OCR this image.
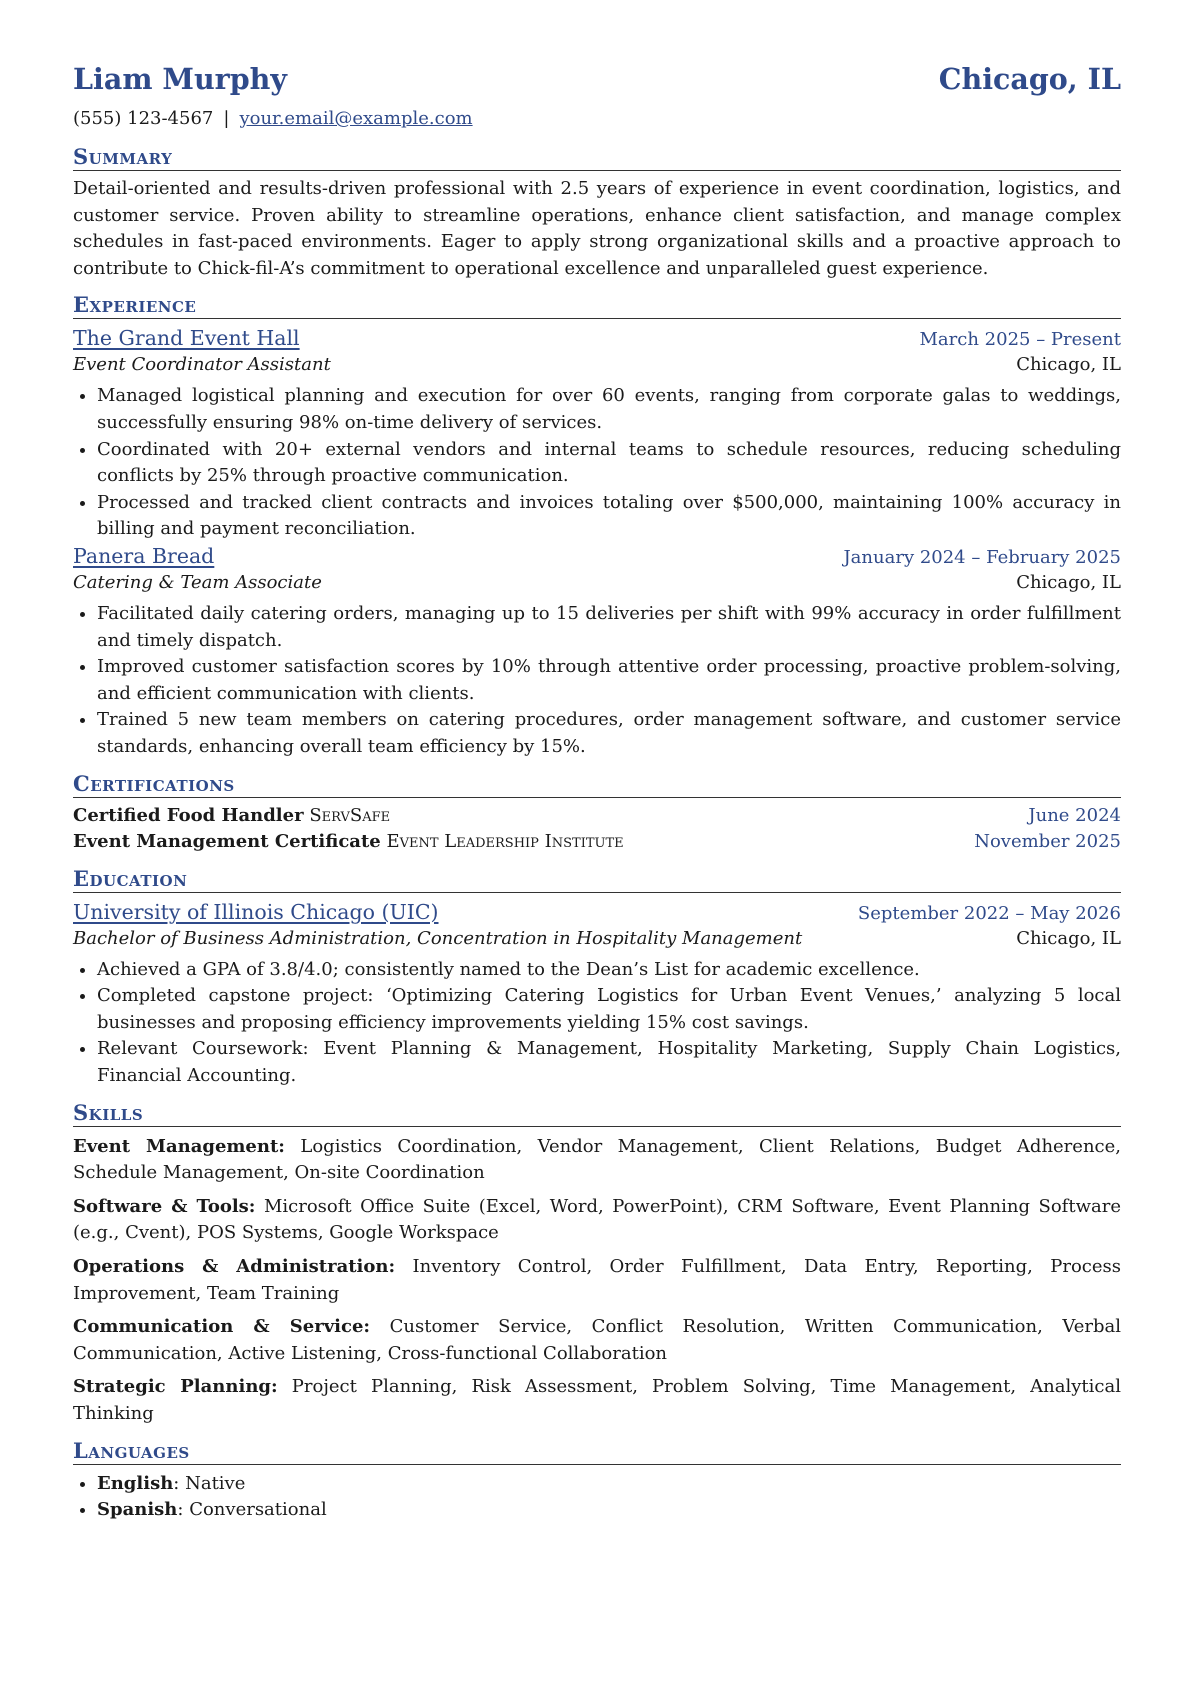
Liam Murphy	Chicago, IL
(555) 123-4567 | your.email@example.com
Summary
Detail-oriented and results-driven professional with 2.5 years of experience in event coordination, logistics, and customer service. Proven ability to streamline operations, enhance client satisfaction, and manage complex schedules in fast-paced environments. Eager to apply strong organizational skills and a proactive approach to contribute to Chick-fil-A’s commitment to operational excellence and unparalleled guest experience.
Experience
The Grand Event Hall	March 2025 – Present
Event Coordinator Assistant	Chicago, IL
• Managed logistical planning and execution for over 60 events, ranging from corporate galas to weddings, successfully ensuring 98% on-time delivery of services.
• Coordinated with 20+ external vendors and internal teams to schedule resources, reducing scheduling conflicts by 25% through proactive communication.
• Processed and tracked client contracts and invoices totaling over $500,000, maintaining 100% accuracy in billing and payment reconciliation.
Panera Bread	January 2024 – February 2025
Catering & Team Associate	Chicago, IL
• Facilitated daily catering orders, managing up to 15 deliveries per shift with 99% accuracy in order fulfillment and timely dispatch.
• Improved customer satisfaction scores by 10% through attentive order processing, proactive problem-solving, and efficient communication with clients.
• Trained 5 new team members on catering procedures, order management software, and customer service standards, enhancing overall team efficiency by 15%.
Certifications
Certified Food Handler ServSafe	June 2024
Event Management Certificate Event Leadership Institute	November 2025
Education
University of Illinois Chicago (UIC)	September 2022 – May 2026
Bachelor of Business Administration, Concentration in Hospitality Management	Chicago, IL
• Achieved a GPA of 3.8/4.0; consistently named to the Dean’s List for academic excellence.
• Completed capstone project: ‘Optimizing Catering Logistics for Urban Event Venues,’ analyzing 5 local businesses and proposing efficiency improvements yielding 15% cost savings.
• Relevant Coursework: Event Planning & Management, Hospitality Marketing, Supply Chain Logistics, Financial Accounting.
Skills
Event Management: Logistics Coordination, Vendor Management, Client Relations, Budget Adherence, Schedule Management, On-site Coordination
Software & Tools: Microsoft Office Suite (Excel, Word, PowerPoint), CRM Software, Event Planning Software (e.g., Cvent), POS Systems, Google Workspace
Operations & Administration: Inventory Control, Order Fulfillment, Data Entry, Reporting, Process Improvement, Team Training
Communication & Service: Customer Service, Conflict Resolution, Written Communication, Verbal Communication, Active Listening, Cross-functional Collaboration
Strategic Planning: Project Planning, Risk Assessment, Problem Solving, Time Management, Analytical Thinking
Languages
• English: Native
• Spanish: Conversational
